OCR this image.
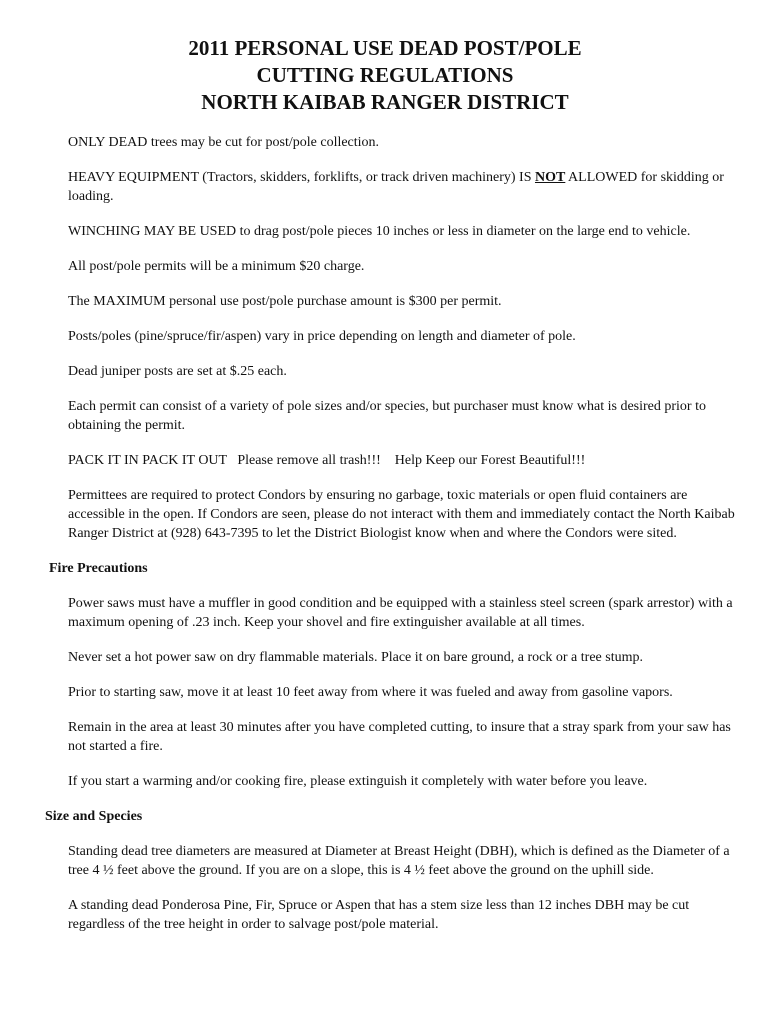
2011 PERSONAL USE DEAD POST/POLE
CUTTING REGULATIONS
NORTH KAIBAB RANGER DISTRICT

ONLY DEAD trees may be cut for post/pole collection.

HEAVY EQUIPMENT (Tractors, skidders, forklifts, or track driven machinery) IS NOT ALLOWED for skidding or loading.

WINCHING MAY BE USED to drag post/pole pieces 10 inches or less in diameter on the large end to vehicle.

All post/pole permits will be a minimum $20 charge.

The MAXIMUM personal use post/pole purchase amount is $300 per permit.

Posts/poles (pine/spruce/fir/aspen) vary in price depending on length and diameter of pole.

Dead juniper posts are set at $.25 each.

Each permit can consist of a variety of pole sizes and/or species, but purchaser must know what is desired prior to obtaining the permit.

PACK IT IN PACK IT OUT   Please remove all trash!!!    Help Keep our Forest Beautiful!!!

Permittees are required to protect Condors by ensuring no garbage, toxic materials or open fluid containers are accessible in the open. If Condors are seen, please do not interact with them and immediately contact the North Kaibab Ranger District at (928) 643-7395 to let the District Biologist know when and where the Condors were sited.

Fire Precautions

Power saws must have a muffler in good condition and be equipped with a stainless steel screen (spark arrestor) with a maximum opening of .23 inch. Keep your shovel and fire extinguisher available at all times.

Never set a hot power saw on dry flammable materials. Place it on bare ground, a rock or a tree stump.

Prior to starting saw, move it at least 10 feet away from where it was fueled and away from gasoline vapors.

Remain in the area at least 30 minutes after you have completed cutting, to insure that a stray spark from your saw has not started a fire.

If you start a warming and/or cooking fire, please extinguish it completely with water before you leave.

Size and Species

Standing dead tree diameters are measured at Diameter at Breast Height (DBH), which is defined as the Diameter of a tree 4 ½ feet above the ground. If you are on a slope, this is 4 ½ feet above the ground on the uphill side.

A standing dead Ponderosa Pine, Fir, Spruce or Aspen that has a stem size less than 12 inches DBH may be cut regardless of the tree height in order to salvage post/pole material.
